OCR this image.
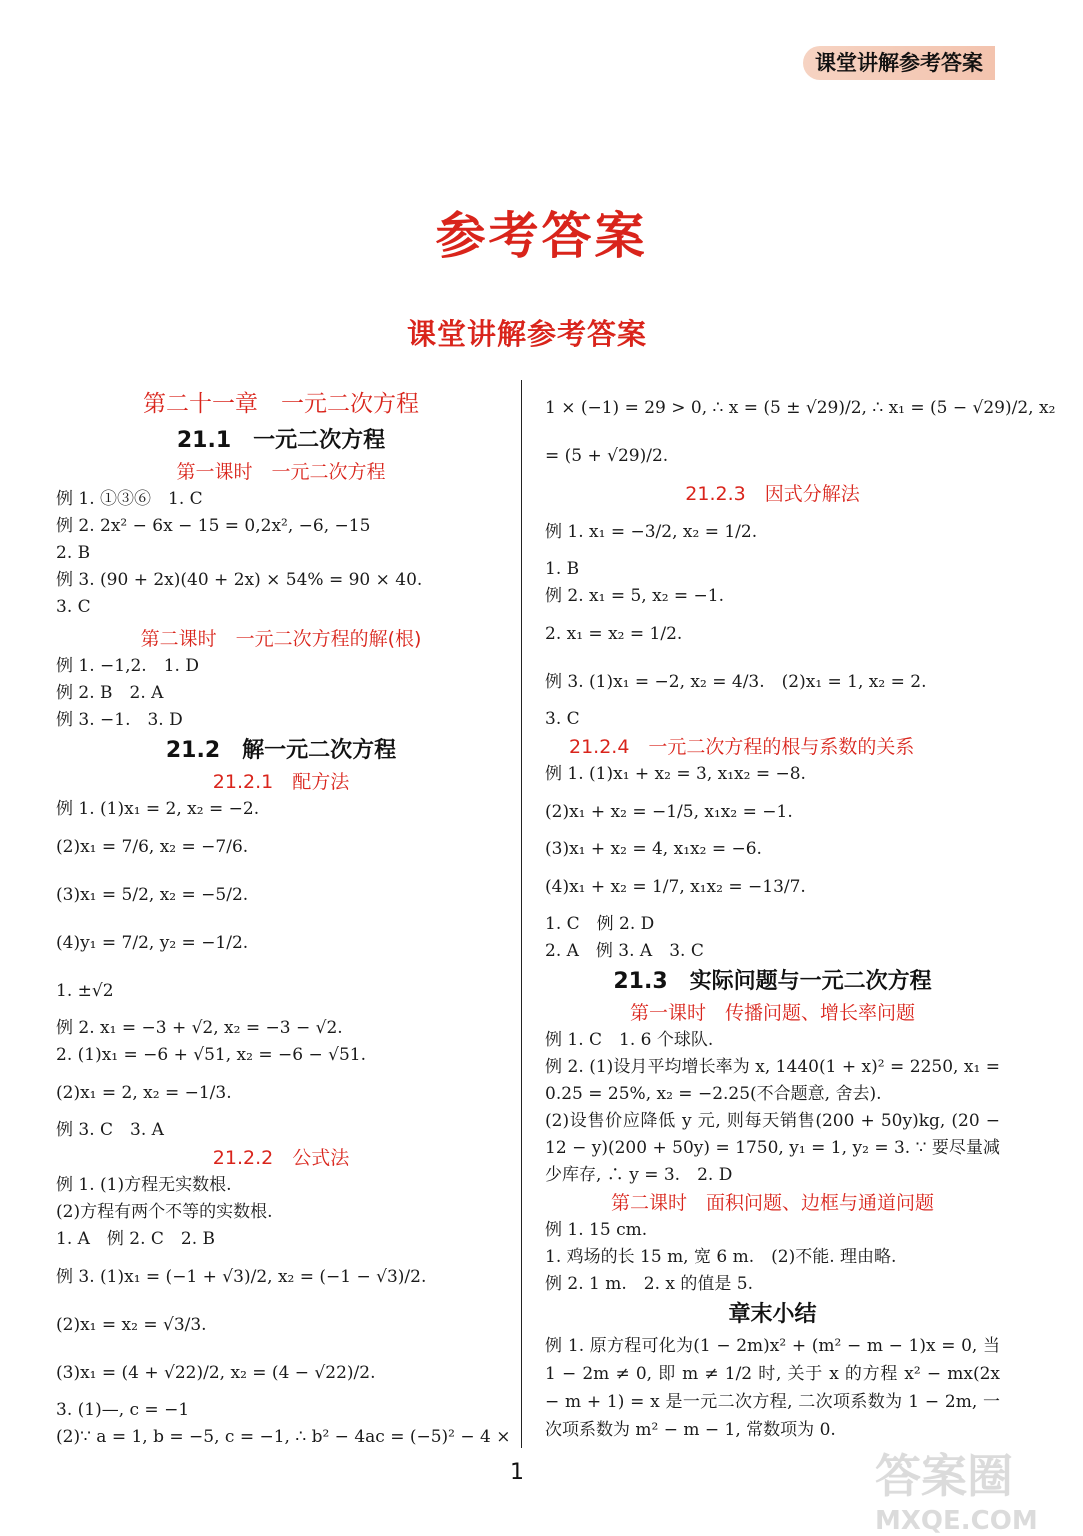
课堂讲解参考答案
参考答案
课堂讲解参考答案
第二十一章　一元二次方程
21.1　一元二次方程
第一课时　一元二次方程
例 1. ①③⑥　1. C
例 2. 2x² − 6x − 15 = 0,2x², −6, −15
2. B
例 3. (90 + 2x)(40 + 2x) × 54% = 90 × 40.
3. C
第二课时　一元二次方程的解(根)
例 1. −1,2.　1. D
例 2. B　2. A
例 3. −1.　3. D
21.2　解一元二次方程
21.2.1　配方法
例 1. (1)x₁ = 2, x₂ = −2.
(2)x₁ = 7/6, x₂ = −7/6.
(3)x₁ = 5/2, x₂ = −5/2.
(4)y₁ = 7/2, y₂ = −1/2.
1. ±√2
例 2. x₁ = −3 + √2, x₂ = −3 − √2.
2. (1)x₁ = −6 + √51, x₂ = −6 − √51.
(2)x₁ = 2, x₂ = −1/3.
例 3. C　3. A
21.2.2　公式法
例 1. (1)方程无实数根.
(2)方程有两个不等的实数根.
1. A　例 2. C　2. B
例 3. (1)x₁ = (−1 + √3)/2, x₂ = (−1 − √3)/2.
(2)x₁ = x₂ = √3/3.
(3)x₁ = (4 + √22)/2, x₂ = (4 − √22)/2.
3. (1)—, c = −1
(2)∵ a = 1, b = −5, c = −1, ∴ b² − 4ac = (−5)² − 4 ×
1 × (−1) = 29 > 0, ∴ x = (5 ± √29)/2, ∴ x₁ = (5 − √29)/2, x₂
= (5 + √29)/2.
21.2.3　因式分解法
例 1. x₁ = −3/2, x₂ = 1/2.
1. B
例 2. x₁ = 5, x₂ = −1.
2. x₁ = x₂ = 1/2.
例 3. (1)x₁ = −2, x₂ = 4/3.　(2)x₁ = 1, x₂ = 2.
3. C
21.2.4　一元二次方程的根与系数的关系
例 1. (1)x₁ + x₂ = 3, x₁x₂ = −8.
(2)x₁ + x₂ = −1/5, x₁x₂ = −1.
(3)x₁ + x₂ = 4, x₁x₂ = −6.
(4)x₁ + x₂ = 1/7, x₁x₂ = −13/7.
1. C　例 2. D
2. A　例 3. A　3. C
21.3　实际问题与一元二次方程
第一课时　传播问题、增长率问题
例 1. C　1. 6 个球队.
例 2. (1)设月平均增长率为 x, 1440(1 + x)² = 2250, x₁ = 0.25 = 25%, x₂ = −2.25(不合题意, 舍去).
(2)设售价应降低 y 元, 则每天销售(200 + 50y)kg, (20 − 12 − y)(200 + 50y) = 1750, y₁ = 1, y₂ = 3. ∵ 要尽量减少库存, ∴ y = 3.　2. D
第二课时　面积问题、边框与通道问题
例 1. 15 cm.
1. 鸡场的长 15 m, 宽 6 m.　(2)不能. 理由略.
例 2. 1 m.　2. x 的值是 5.
章末小结
例 1. 原方程可化为(1 − 2m)x² + (m² − m − 1)x = 0, 当 1 − 2m ≠ 0, 即 m ≠ 1/2 时, 关于 x 的方程 x² − mx(2x − m + 1) = x 是一元二次方程, 二次项系数为 1 − 2m, 一次项系数为 m² − m − 1, 常数项为 0.
1	答案圈
MXQE.COM
